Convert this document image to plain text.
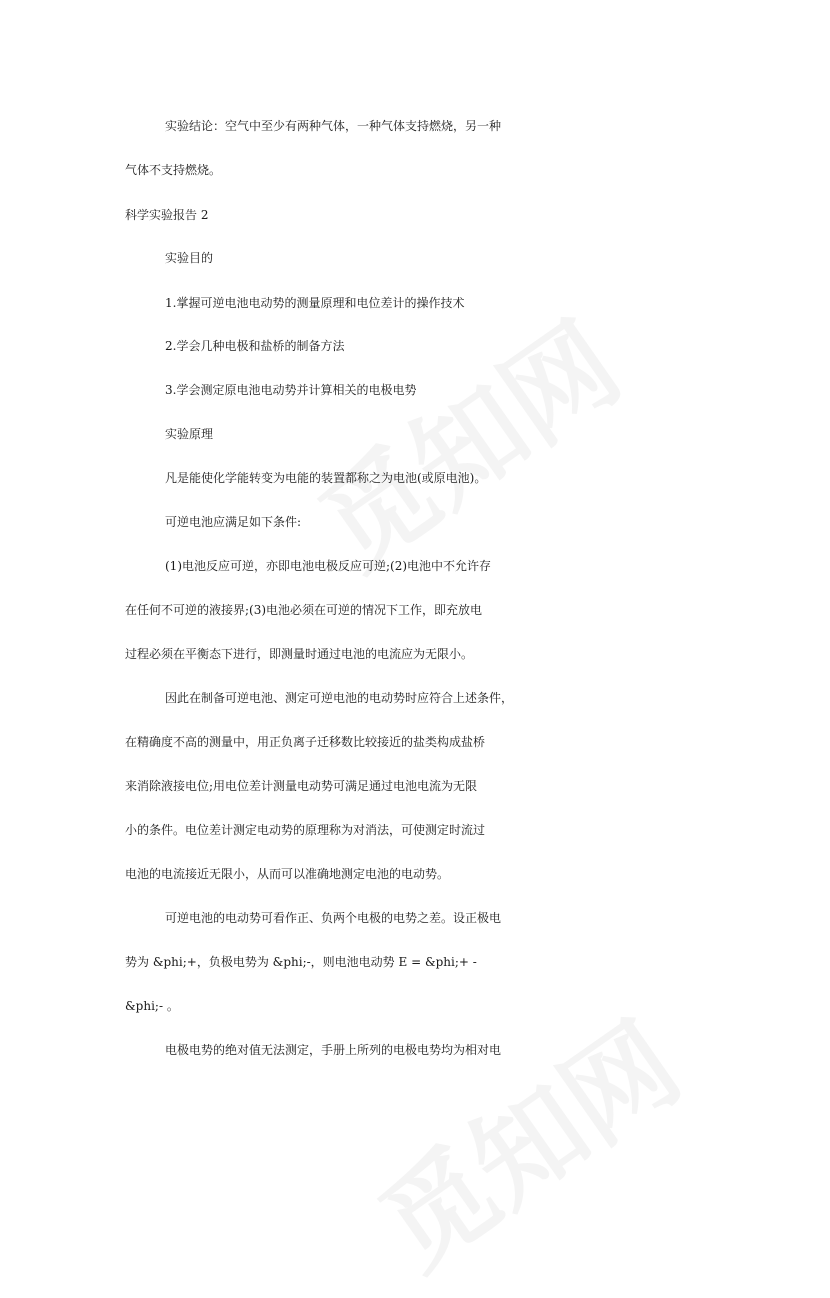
实验结论：空气中至少有两种气体，一种气体支持燃烧，另一种
气体不支持燃烧。
科学实验报告 2
实验目的
1.掌握可逆电池电动势的测量原理和电位差计的操作技术
2.学会几种电极和盐桥的制备方法
3.学会测定原电池电动势并计算相关的电极电势
实验原理
凡是能使化学能转变为电能的装置都称之为电池(或原电池)。
可逆电池应满足如下条件:
(1)电池反应可逆，亦即电池电极反应可逆;(2)电池中不允许存
在任何不可逆的液接界;(3)电池必须在可逆的情况下工作，即充放电
过程必须在平衡态下进行，即测量时通过电池的电流应为无限小。
因此在制备可逆电池、测定可逆电池的电动势时应符合上述条件，
在精确度不高的测量中，用正负离子迁移数比较接近的盐类构成盐桥
来消除液接电位;用电位差计测量电动势可满足通过电池电流为无限
小的条件。电位差计测定电动势的原理称为对消法，可使测定时流过
电池的电流接近无限小，从而可以准确地测定电池的电动势。
可逆电池的电动势可看作正、负两个电极的电势之差。设正极电
势为 &phi;+，负极电势为 &phi;-，则电池电动势 E = &phi;+ -
&phi;- 。
电极电势的绝对值无法测定，手册上所列的电极电势均为相对电
